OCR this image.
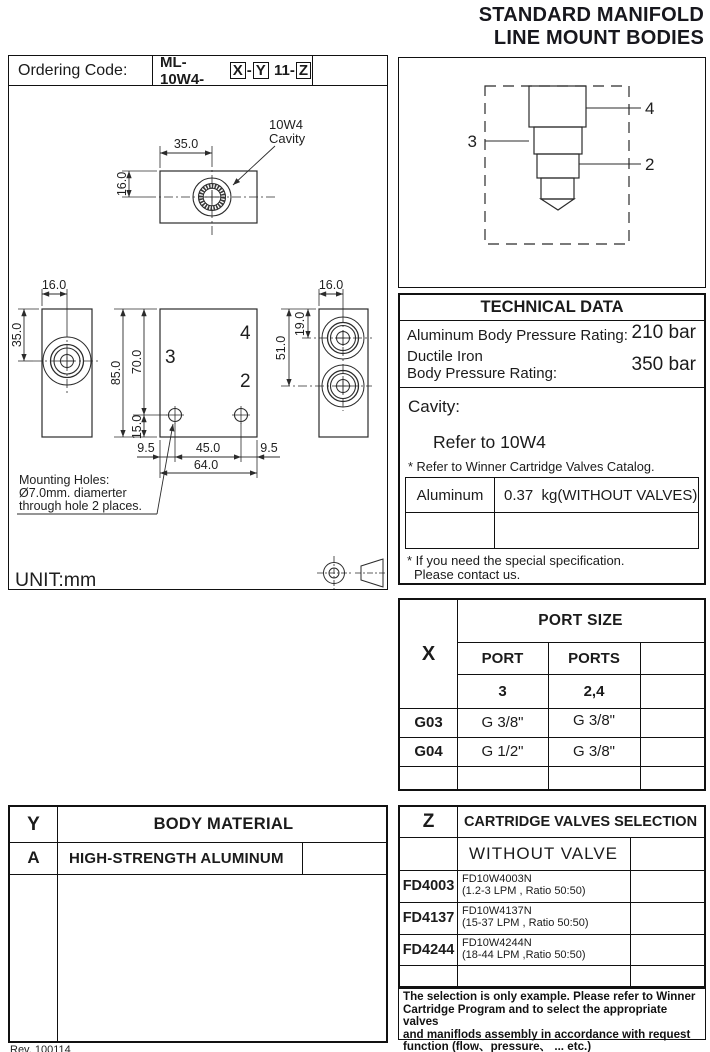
STANDARD MANIFOLD
LINE MOUNT BODIES
Ordering Code:	ML-10W4-	X - Y 11- Z
35.0
16.0
10W4
Cavity
16.0
35.0
3
4
2
85.0 70.0
15.0
9.5	45.0	9.5
64.0
16.0
19.0
51.0
Mounting Holes:
Ø7.0mm. diamerter
through hole 2 places.
UNIT:mm
3
4
2
TECHNICAL DATA
Aluminum Body Pressure Rating: 210 bar
Ductile Iron
Body Pressure Rating:	350 bar
Cavity:
Refer to 10W4
* Refer to Winner Cartridge Valves Catalog.
Aluminum	0.37  kg(WITHOUT VALVES)
* If you need the special specification.
Please contact us.
X
PORT SIZE
PORT	PORTS
3	2,4
G03	G 3/8"	G 3/8"
G04	G 1/2"	G 3/8"
Y	BODY MATERIAL
A	HIGH-STRENGTH ALUMINUM
Z	CARTRIDGE VALVES SELECTION
WITHOUT VALVE
FD4003 FD10W4003N
(1.2-3 LPM , Ratio 50:50)
FD4137 FD10W4137N
(15-37 LPM , Ratio 50:50)
FD4244 FD10W4244N
(18-44 LPM ,Ratio 50:50)
The selection is only example. Please refer to Winner
Cartridge Program and to select the appropriate valves
and maniflods assembly in accordance with request
function (flow、pressure、 ... etc.)
Rev. 100114
